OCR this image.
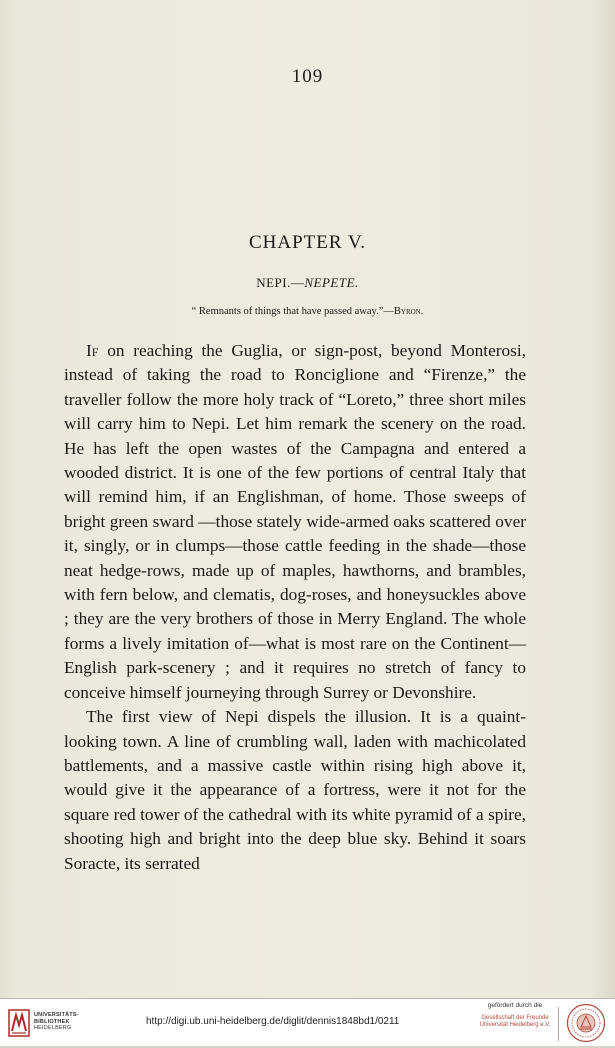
109
CHAPTER V.
NEPI.—NEPETE.
“ Remnants of things that have passed away.”—Byron.

If on reaching the Guglia, or sign-post, beyond Monterosi, instead of taking the road to Ronciglione and “Firenze,” the traveller follow the more holy track of “Loreto,” three short miles will carry him to Nepi. Let him remark the scenery on the road. He has left the open wastes of the Campagna and entered a wooded district. It is one of the few portions of central Italy that will remind him, if an Englishman, of home. Those sweeps of bright green sward —those stately wide-armed oaks scattered over it, singly, or in clumps—those cattle feeding in the shade—those neat hedge-rows, made up of maples, hawthorns, and brambles, with fern below, and clematis, dog-roses, and honeysuckles above ; they are the very brothers of those in Merry England. The whole forms a lively imitation of—what is most rare on the Continent—English park-scenery ; and it requires no stretch of fancy to conceive himself journeying through Surrey or Devonshire.

The first view of Nepi dispels the illusion. It is a quaint-looking town. A line of crumbling wall, laden with machicolated battlements, and a massive castle within rising high above it, would give it the appearance of a fortress, were it not for the square red tower of the cathedral with its white pyramid of a spire, shooting high and bright into the deep blue sky. Behind it soars Soracte, its serrated

UNIVERSITÄTS-
BIBLIOTHEK
HEIDELBERG
http://digi.ub.uni-heidelberg.de/diglit/dennis1848bd1/0211
gefördert durch die
Gesellschaft der Freunde
Universität Heidelberg e.V.
